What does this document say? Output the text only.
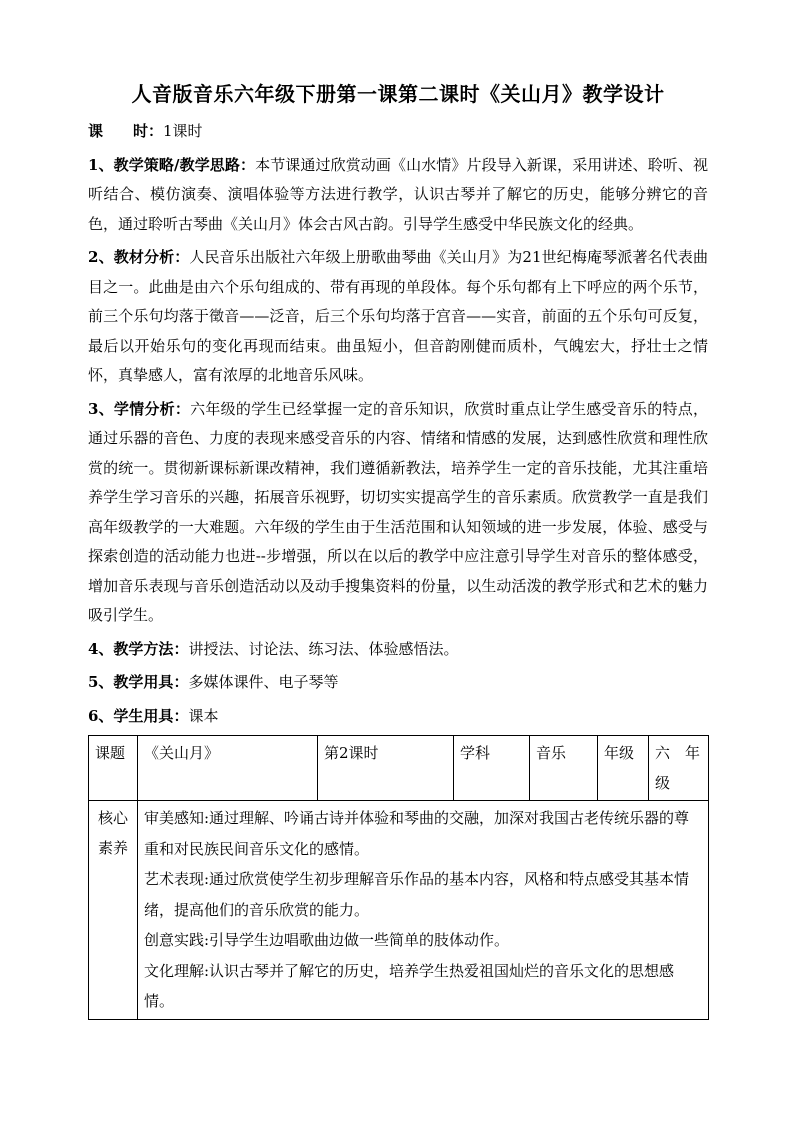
人音版音乐六年级下册第一课第二课时《关山月》教学设计

课　　时：1课时

1、教学策略/教学思路：本节课通过欣赏动画《山水情》片段导入新课，采用讲述、聆听、视听结合、模仿演奏、演唱体验等方法进行教学，认识古琴并了解它的历史，能够分辨它的音色，通过聆听古琴曲《关山月》体会古风古韵。引导学生感受中华民族文化的经典。

2、教材分析：人民音乐出版社六年级上册歌曲琴曲《关山月》为21世纪梅庵琴派著名代表曲目之一。此曲是由六个乐句组成的、带有再现的单段体。每个乐句都有上下呼应的两个乐节，前三个乐句均落于徵音——泛音，后三个乐句均落于宫音——实音，前面的五个乐句可反复， 最后以开始乐句的变化再现而结束。曲虽短小，但音韵刚健而质朴，气魄宏大，抒壮士之情怀，真挚感人，富有浓厚的北地音乐风味。

3、学情分析：六年级的学生已经掌握一定的音乐知识，欣赏时重点让学生感受音乐的特点，通过乐器的音色、力度的表现来感受音乐的内容、情绪和情感的发展，达到感性欣赏和理性欣赏的统一。贯彻新课标新课改精神，我们遵循新教法，培养学生一定的音乐技能，尤其注重培养学生学习音乐的兴趣，拓展音乐视野，切切实实提高学生的音乐素质。欣赏教学一直是我们高年级教学的一大难题。六年级的学生由于生活范围和认知领域的进一步发展，体验、感受与探索创造的活动能力也进--步增强，所以在以后的教学中应注意引导学生对音乐的整体感受，增加音乐表现与音乐创造活动以及动手搜集资料的份量，以生动活泼的教学形式和艺术的魅力吸引学生。

4、教学方法：讲授法、讨论法、练习法、体验感悟法。

5、教学用具：多媒体课件、电子琴等

6、学生用具：课本

课题	《关山月》	第2课时	学科	音乐	年级	六　年级
核心素养	审美感知:通过理解、吟诵古诗并体验和琴曲的交融，加深对我国古老传统乐器的尊重和对民族民间音乐文化的感情。

艺术表现:通过欣赏使学生初步理解音乐作品的基本内容，风格和特点感受其基本情绪，提高他们的音乐欣赏的能力。

创意实践:引导学生边唱歌曲边做一些简单的肢体动作。

文化理解:认识古琴并了解它的历史，培养学生热爱祖国灿烂的音乐文化的思想感情。					
